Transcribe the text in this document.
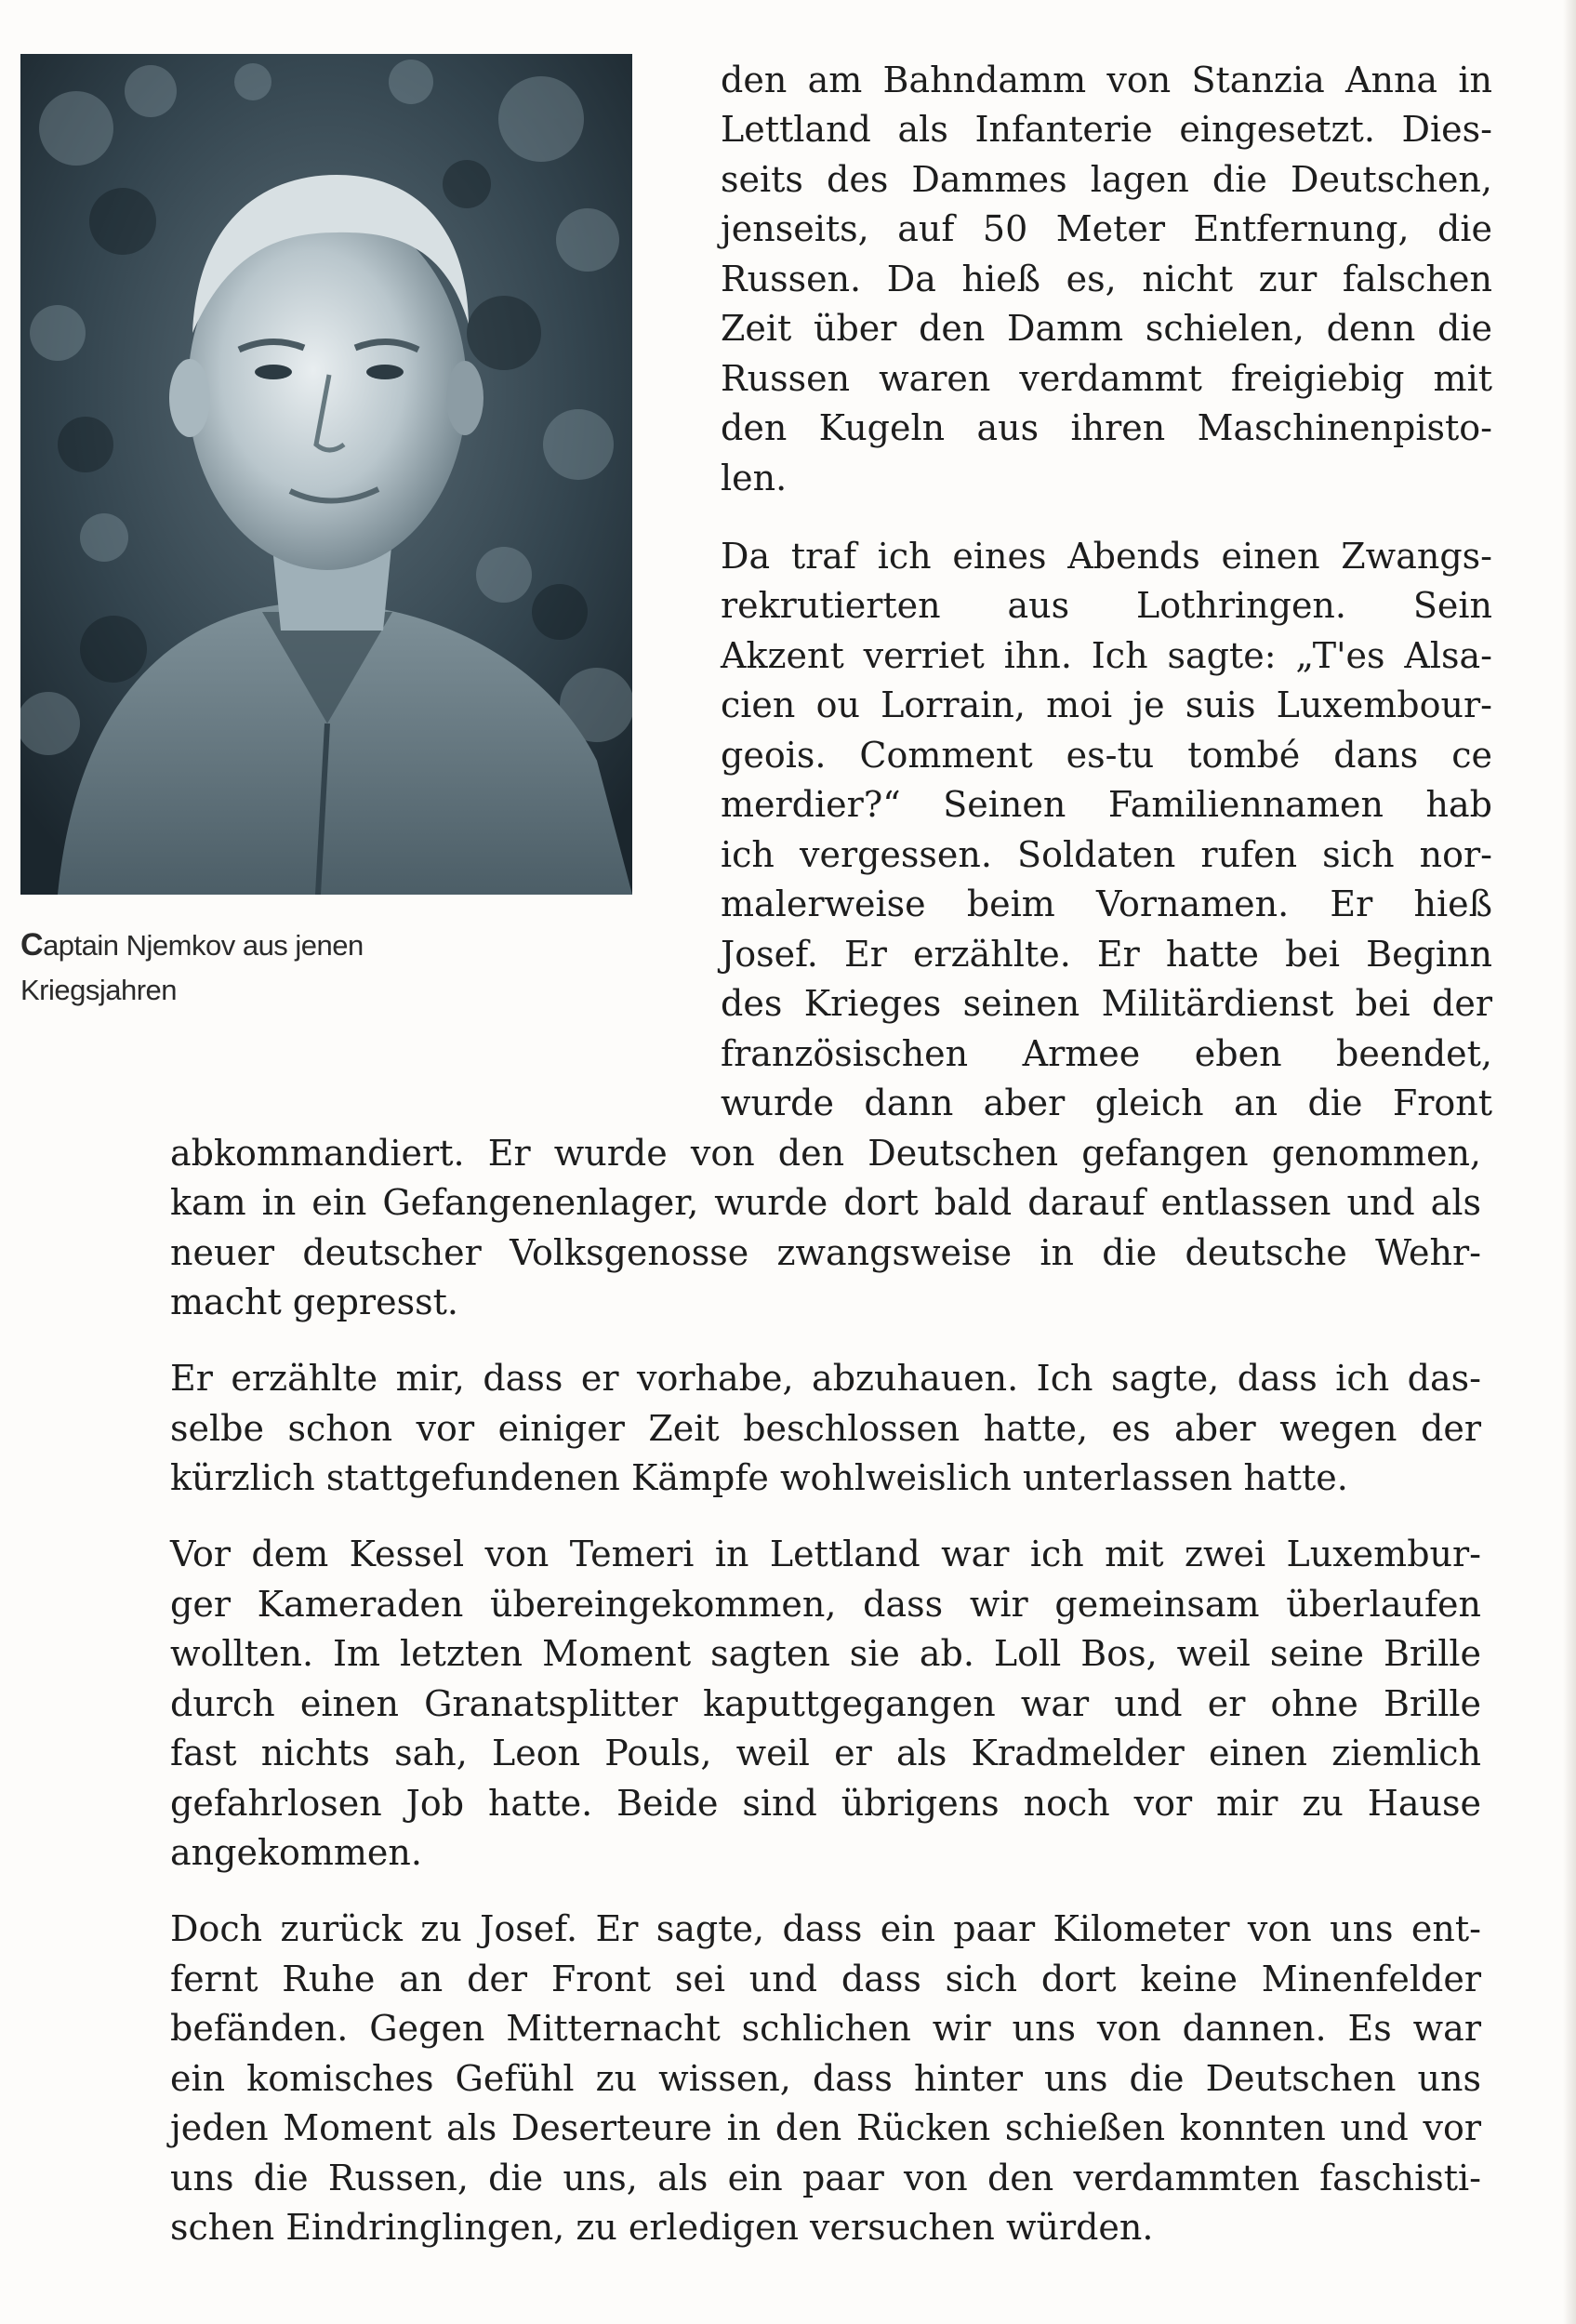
Captain Njemkov aus jenen
Kriegsjahren
den am Bahndamm von Stanzia Anna in
Lettland als Infanterie eingesetzt. Dies-
seits des Dammes lagen die Deutschen,
jenseits, auf 50 Meter Entfernung, die
Russen. Da hieß es, nicht zur falschen
Zeit über den Damm schielen, denn die
Russen waren verdammt freigiebig mit
den Kugeln aus ihren Maschinenpisto-
len.
Da traf ich eines Abends einen Zwangs-
rekrutierten aus Lothringen. Sein
Akzent verriet ihn. Ich sagte: „T'es Alsa-
cien ou Lorrain, moi je suis Luxembour-
geois. Comment es-tu tombé dans ce
merdier?“ Seinen Familiennamen hab
ich vergessen. Soldaten rufen sich nor-
malerweise beim Vornamen. Er hieß
Josef. Er erzählte. Er hatte bei Beginn
des Krieges seinen Militärdienst bei der
französischen Armee eben beendet,
wurde dann aber gleich an die Front
abkommandiert. Er wurde von den Deutschen gefangen genommen,
kam in ein Gefangenenlager, wurde dort bald darauf entlassen und als
neuer deutscher Volksgenosse zwangsweise in die deutsche Wehr-
macht gepresst.
Er erzählte mir, dass er vorhabe, abzuhauen. Ich sagte, dass ich das-
selbe schon vor einiger Zeit beschlossen hatte, es aber wegen der
kürzlich stattgefundenen Kämpfe wohlweislich unterlassen hatte.
Vor dem Kessel von Temeri in Lettland war ich mit zwei Luxembur-
ger Kameraden übereingekommen, dass wir gemeinsam überlaufen
wollten. Im letzten Moment sagten sie ab. Loll Bos, weil seine Brille
durch einen Granatsplitter kaputtgegangen war und er ohne Brille
fast nichts sah, Leon Pouls, weil er als Kradmelder einen ziemlich
gefahrlosen Job hatte. Beide sind übrigens noch vor mir zu Hause
angekommen.
Doch zurück zu Josef. Er sagte, dass ein paar Kilometer von uns ent-
fernt Ruhe an der Front sei und dass sich dort keine Minenfelder
befänden. Gegen Mitternacht schlichen wir uns von dannen. Es war
ein komisches Gefühl zu wissen, dass hinter uns die Deutschen uns
jeden Moment als Deserteure in den Rücken schießen konnten und vor
uns die Russen, die uns, als ein paar von den verdammten faschisti-
schen Eindringlingen, zu erledigen versuchen würden.
